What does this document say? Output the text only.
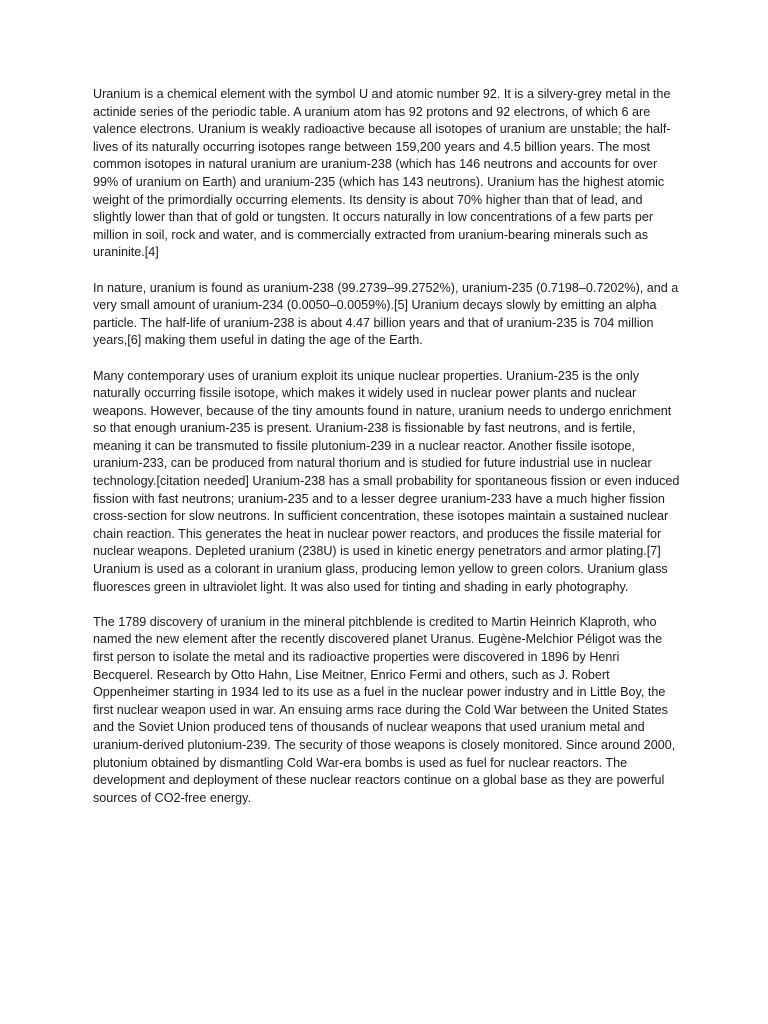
Uranium is a chemical element with the symbol U and atomic number 92. It is a silvery-grey metal in the actinide series of the periodic table. A uranium atom has 92 protons and 92 electrons, of which 6 are valence electrons. Uranium is weakly radioactive because all isotopes of uranium are unstable; the half-lives of its naturally occurring isotopes range between 159,200 years and 4.5 billion years. The most common isotopes in natural uranium are uranium-238 (which has 146 neutrons and accounts for over 99% of uranium on Earth) and uranium-235 (which has 143 neutrons). Uranium has the highest atomic weight of the primordially occurring elements. Its density is about 70% higher than that of lead, and slightly lower than that of gold or tungsten. It occurs naturally in low concentrations of a few parts per million in soil, rock and water, and is commercially extracted from uranium-bearing minerals such as uraninite.[4]

In nature, uranium is found as uranium-238 (99.2739–99.2752%), uranium-235 (0.7198–0.7202%), and a very small amount of uranium-234 (0.0050–0.0059%).[5] Uranium decays slowly by emitting an alpha particle. The half-life of uranium-238 is about 4.47 billion years and that of uranium-235 is 704 million years,[6] making them useful in dating the age of the Earth.

Many contemporary uses of uranium exploit its unique nuclear properties. Uranium-235 is the only naturally occurring fissile isotope, which makes it widely used in nuclear power plants and nuclear weapons. However, because of the tiny amounts found in nature, uranium needs to undergo enrichment so that enough uranium-235 is present. Uranium-238 is fissionable by fast neutrons, and is fertile, meaning it can be transmuted to fissile plutonium-239 in a nuclear reactor. Another fissile isotope, uranium-233, can be produced from natural thorium and is studied for future industrial use in nuclear technology.[citation needed] Uranium-238 has a small probability for spontaneous fission or even induced fission with fast neutrons; uranium-235 and to a lesser degree uranium-233 have a much higher fission cross-section for slow neutrons. In sufficient concentration, these isotopes maintain a sustained nuclear chain reaction. This generates the heat in nuclear power reactors, and produces the fissile material for nuclear weapons. Depleted uranium (238U) is used in kinetic energy penetrators and armor plating.[7] Uranium is used as a colorant in uranium glass, producing lemon yellow to green colors. Uranium glass fluoresces green in ultraviolet light. It was also used for tinting and shading in early photography.

The 1789 discovery of uranium in the mineral pitchblende is credited to Martin Heinrich Klaproth, who named the new element after the recently discovered planet Uranus. Eugène-Melchior Péligot was the first person to isolate the metal and its radioactive properties were discovered in 1896 by Henri Becquerel. Research by Otto Hahn, Lise Meitner, Enrico Fermi and others, such as J. Robert Oppenheimer starting in 1934 led to its use as a fuel in the nuclear power industry and in Little Boy, the first nuclear weapon used in war. An ensuing arms race during the Cold War between the United States and the Soviet Union produced tens of thousands of nuclear weapons that used uranium metal and uranium-derived plutonium-239. The security of those weapons is closely monitored. Since around 2000, plutonium obtained by dismantling Cold War-era bombs is used as fuel for nuclear reactors. The development and deployment of these nuclear reactors continue on a global base as they are powerful sources of CO2-free energy.
